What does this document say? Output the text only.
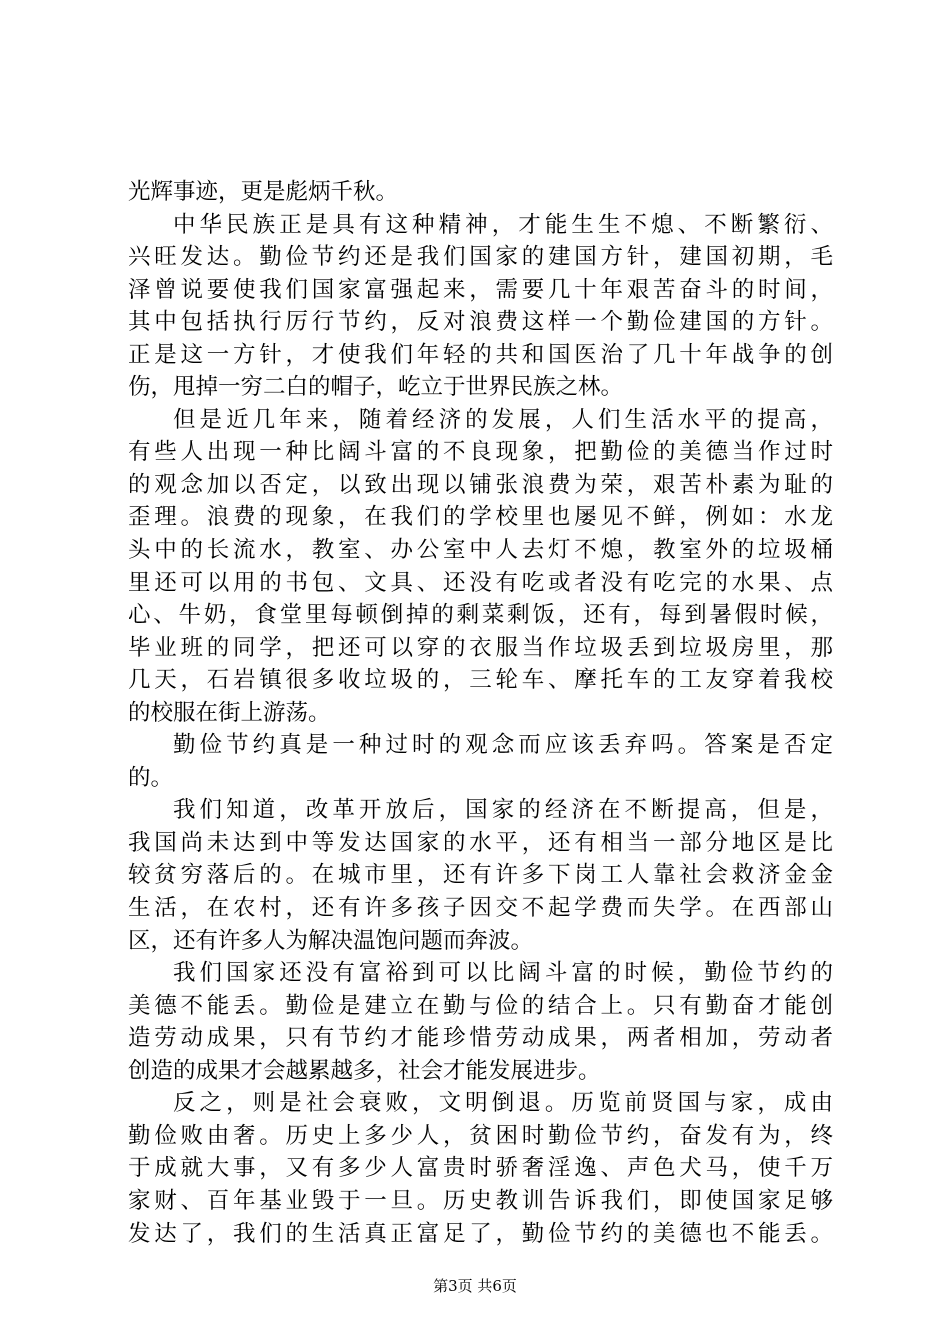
光辉事迹，更是彪炳千秋。
中华民族正是具有这种精神，才能生生不熄、不断繁衍、
兴旺发达。勤俭节约还是我们国家的建国方针，建国初期，毛
泽曾说要使我们国家富强起来，需要几十年艰苦奋斗的时间，
其中包括执行厉行节约，反对浪费这样一个勤俭建国的方针。
正是这一方针，才使我们年轻的共和国医治了几十年战争的创
伤，甩掉一穷二白的帽子，屹立于世界民族之林。
但是近几年来，随着经济的发展，人们生活水平的提高，
有些人出现一种比阔斗富的不良现象，把勤俭的美德当作过时
的观念加以否定，以致出现以铺张浪费为荣，艰苦朴素为耻的
歪理。浪费的现象，在我们的学校里也屡见不鲜，例如：水龙
头中的长流水，教室、办公室中人去灯不熄，教室外的垃圾桶
里还可以用的书包、文具、还没有吃或者没有吃完的水果、点
心、牛奶，食堂里每顿倒掉的剩菜剩饭，还有，每到暑假时候，
毕业班的同学，把还可以穿的衣服当作垃圾丢到垃圾房里，那
几天，石岩镇很多收垃圾的，三轮车、摩托车的工友穿着我校
的校服在街上游荡。
勤俭节约真是一种过时的观念而应该丢弃吗。答案是否定
的。
我们知道，改革开放后，国家的经济在不断提高，但是，
我国尚未达到中等发达国家的水平，还有相当一部分地区是比
较贫穷落后的。在城市里，还有许多下岗工人靠社会救济金金
生活，在农村，还有许多孩子因交不起学费而失学。在西部山
区，还有许多人为解决温饱问题而奔波。
我们国家还没有富裕到可以比阔斗富的时候，勤俭节约的
美德不能丢。勤俭是建立在勤与俭的结合上。只有勤奋才能创
造劳动成果，只有节约才能珍惜劳动成果，两者相加，劳动者
创造的成果才会越累越多，社会才能发展进步。
反之，则是社会衰败，文明倒退。历览前贤国与家，成由
勤俭败由奢。历史上多少人，贫困时勤俭节约，奋发有为，终
于成就大事，又有多少人富贵时骄奢淫逸、声色犬马，使千万
家财、百年基业毁于一旦。历史教训告诉我们，即使国家足够
发达了，我们的生活真正富足了，勤俭节约的美德也不能丢。
第3页 共6页
